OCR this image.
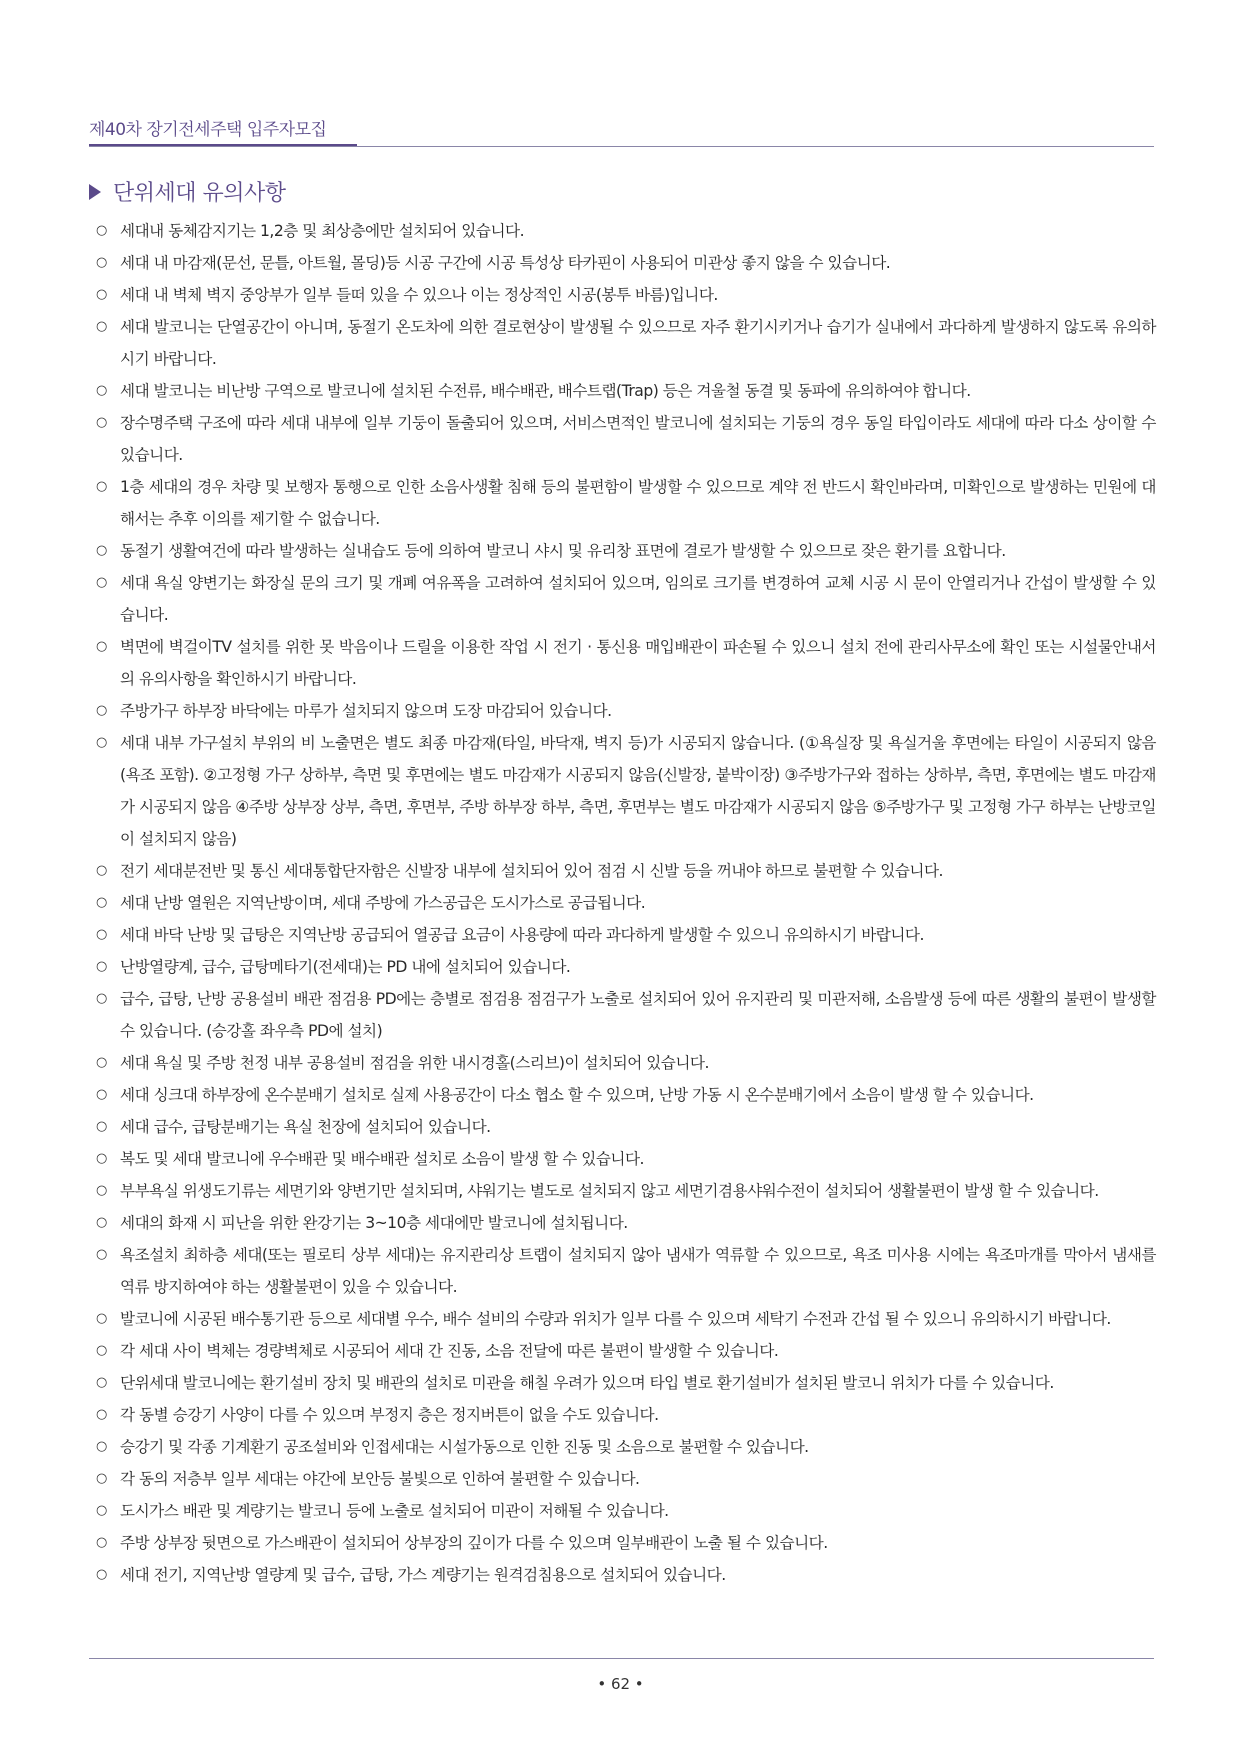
제40차 장기전세주택 입주자모집
단위세대 유의사항
○ 세대내 동체감지기는 1,2층 및 최상층에만 설치되어 있습니다.
○ 세대 내 마감재(문선, 문틀, 아트월, 몰딩)등 시공 구간에 시공 특성상 타카핀이 사용되어 미관상 좋지 않을 수 있습니다.
○ 세대 내 벽체 벽지 중앙부가 일부 들떠 있을 수 있으나 이는 정상적인 시공(봉투 바름)입니다.
○ 세대 발코니는 단열공간이 아니며, 동절기 온도차에 의한 결로현상이 발생될 수 있으므로 자주 환기시키거나 습기가 실내에서 과다하게 발생하지 않도록 유의하시기 바랍니다.
○ 세대 발코니는 비난방 구역으로 발코니에 설치된 수전류, 배수배관, 배수트랩(Trap) 등은 겨울철 동결 및 동파에 유의하여야 합니다.
○ 장수명주택 구조에 따라 세대 내부에 일부 기둥이 돌출되어 있으며, 서비스면적인 발코니에 설치되는 기둥의 경우 동일 타입이라도 세대에 따라 다소 상이할 수 있습니다.
○ 1층 세대의 경우 차량 및 보행자 통행으로 인한 소음사생활 침해 등의 불편함이 발생할 수 있으므로 계약 전 반드시 확인바라며, 미확인으로 발생하는 민원에 대해서는 추후 이의를 제기할 수 없습니다.
○ 동절기 생활여건에 따라 발생하는 실내습도 등에 의하여 발코니 샤시 및 유리창 표면에 결로가 발생할 수 있으므로 잦은 환기를 요합니다.
○ 세대 욕실 양변기는 화장실 문의 크기 및 개폐 여유폭을 고려하여 설치되어 있으며, 임의로 크기를 변경하여 교체 시공 시 문이 안열리거나 간섭이 발생할 수 있습니다.
○ 벽면에 벽걸이TV 설치를 위한 못 박음이나 드릴을 이용한 작업 시 전기 · 통신용 매입배관이 파손될 수 있으니 설치 전에 관리사무소에 확인 또는 시설물안내서의 유의사항을 확인하시기 바랍니다.
○ 주방가구 하부장 바닥에는 마루가 설치되지 않으며 도장 마감되어 있습니다.
○ 세대 내부 가구설치 부위의 비 노출면은 별도 최종 마감재(타일, 바닥재, 벽지 등)가 시공되지 않습니다. (①욕실장 및 욕실거울 후면에는 타일이 시공되지 않음(욕조 포함). ②고정형 가구 상하부, 측면 및 후면에는 별도 마감재가 시공되지 않음(신발장, 붙박이장) ③주방가구와 접하는 상하부, 측면, 후면에는 별도 마감재가 시공되지 않음 ④주방 상부장 상부, 측면, 후면부, 주방 하부장 하부, 측면, 후면부는 별도 마감재가 시공되지 않음 ⑤주방가구 및 고정형 가구 하부는 난방코일이 설치되지 않음)
○ 전기 세대분전반 및 통신 세대통합단자함은 신발장 내부에 설치되어 있어 점검 시 신발 등을 꺼내야 하므로 불편할 수 있습니다.
○ 세대 난방 열원은 지역난방이며, 세대 주방에 가스공급은 도시가스로 공급됩니다.
○ 세대 바닥 난방 및 급탕은 지역난방 공급되어 열공급 요금이 사용량에 따라 과다하게 발생할 수 있으니 유의하시기 바랍니다.
○ 난방열량계, 급수, 급탕메타기(전세대)는 PD 내에 설치되어 있습니다.
○ 급수, 급탕, 난방 공용설비 배관 점검용 PD에는 층별로 점검용 점검구가 노출로 설치되어 있어 유지관리 및 미관저해, 소음발생 등에 따른 생활의 불편이 발생할 수 있습니다. (승강홀 좌우측 PD에 설치)
○ 세대 욕실 및 주방 천정 내부 공용설비 점검을 위한 내시경홀(스리브)이 설치되어 있습니다.
○ 세대 싱크대 하부장에 온수분배기 설치로 실제 사용공간이 다소 협소 할 수 있으며, 난방 가동 시 온수분배기에서 소음이 발생 할 수 있습니다.
○ 세대 급수, 급탕분배기는 욕실 천장에 설치되어 있습니다.
○ 복도 및 세대 발코니에 우수배관 및 배수배관 설치로 소음이 발생 할 수 있습니다.
○ 부부욕실 위생도기류는 세면기와 양변기만 설치되며, 샤워기는 별도로 설치되지 않고 세면기겸용샤워수전이 설치되어 생활불편이 발생 할 수 있습니다.
○ 세대의 화재 시 피난을 위한 완강기는 3~10층 세대에만 발코니에 설치됩니다.
○ 욕조설치 최하층 세대(또는 필로티 상부 세대)는 유지관리상 트랩이 설치되지 않아 냄새가 역류할 수 있으므로, 욕조 미사용 시에는 욕조마개를 막아서 냄새를 역류 방지하여야 하는 생활불편이 있을 수 있습니다.
○ 발코니에 시공된 배수통기관 등으로 세대별 우수, 배수 설비의 수량과 위치가 일부 다를 수 있으며 세탁기 수전과 간섭 될 수 있으니 유의하시기 바랍니다.
○ 각 세대 사이 벽체는 경량벽체로 시공되어 세대 간 진동, 소음 전달에 따른 불편이 발생할 수 있습니다.
○ 단위세대 발코니에는 환기설비 장치 및 배관의 설치로 미관을 해칠 우려가 있으며 타입 별로 환기설비가 설치된 발코니 위치가 다를 수 있습니다.
○ 각 동별 승강기 사양이 다를 수 있으며 부정지 층은 정지버튼이 없을 수도 있습니다.
○ 승강기 및 각종 기계환기 공조설비와 인접세대는 시설가동으로 인한 진동 및 소음으로 불편할 수 있습니다.
○ 각 동의 저층부 일부 세대는 야간에 보안등 불빛으로 인하여 불편할 수 있습니다.
○ 도시가스 배관 및 계량기는 발코니 등에 노출로 설치되어 미관이 저해될 수 있습니다.
○ 주방 상부장 뒷면으로 가스배관이 설치되어 상부장의 깊이가 다를 수 있으며 일부배관이 노출 될 수 있습니다.
○ 세대 전기, 지역난방 열량계 및 급수, 급탕, 가스 계량기는 원격검침용으로 설치되어 있습니다.
• 62 •
